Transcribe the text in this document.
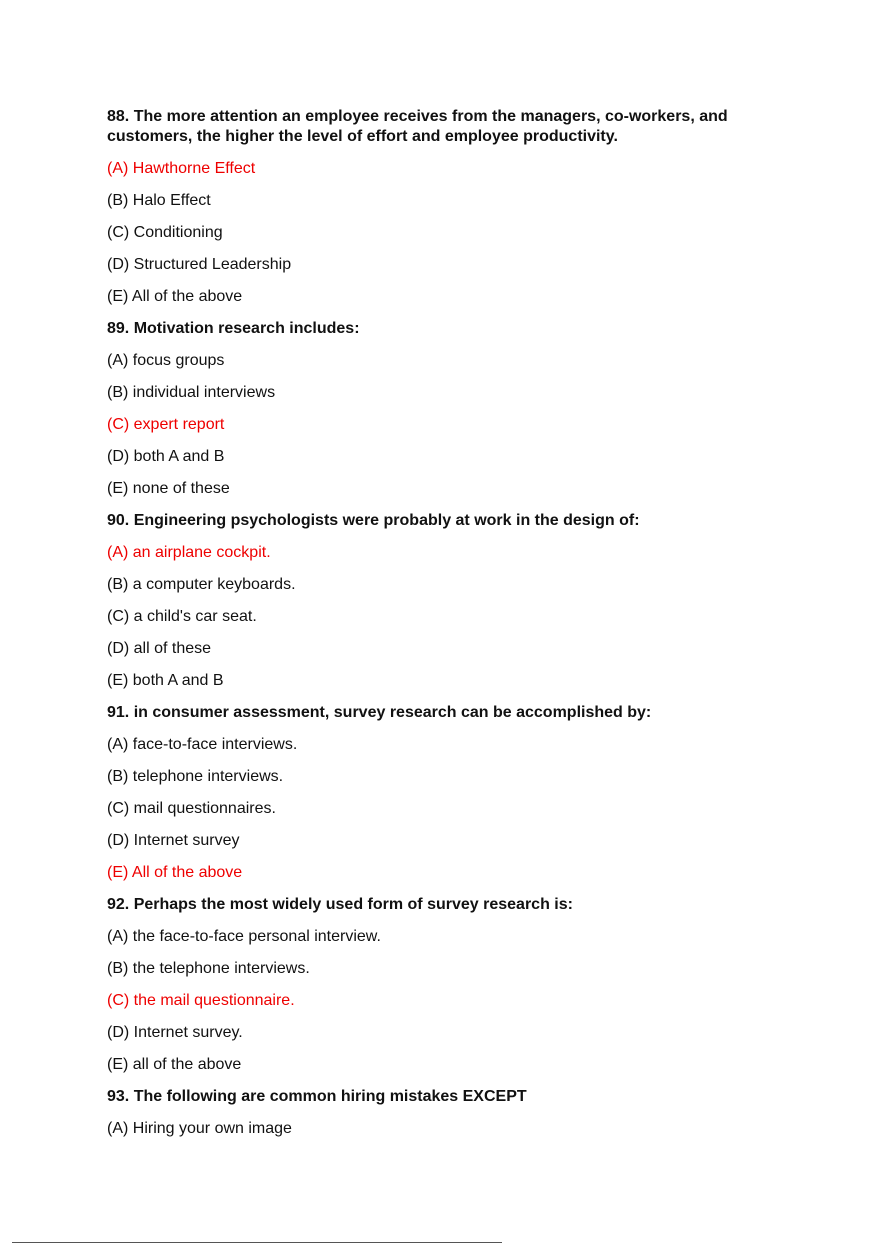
88. The more attention an employee receives from the managers, co-workers, and customers, the higher the level of effort and employee productivity.

(A) Hawthorne Effect

(B) Halo Effect

(C) Conditioning

(D) Structured Leadership

(E) All of the above

89. Motivation research includes:

(A) focus groups

(B) individual interviews

(C) expert report

(D) both A and B

(E) none of these

90. Engineering psychologists were probably at work in the design of:

(A) an airplane cockpit.

(B) a computer keyboards.

(C) a child's car seat.

(D) all of these

(E) both A and B

91. in consumer assessment, survey research can be accomplished by:

(A) face-to-face interviews.

(B) telephone interviews.

(C) mail questionnaires.

(D) Internet survey

(E) All of the above

92. Perhaps the most widely used form of survey research is:

(A) the face-to-face personal interview.

(B) the telephone interviews.

(C) the mail questionnaire.

(D) Internet survey.

(E) all of the above

93. The following are common hiring mistakes EXCEPT

(A) Hiring your own image
